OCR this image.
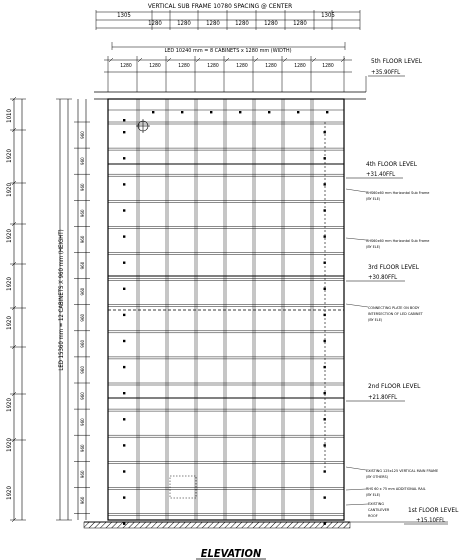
VERTICAL SUB FRAME 10780 SPACING @ CENTER
1305	1305
1280	1280	1280	1280	1280	1280
LED 10240 mm = 8 CABINETS x 1280 mm (WIDTH)
1280	1280	1280	1280	1280	1280	1280	1280
1010
1920
1920
1920
1920
1920
1920
1920
1920
LED 15360 mm = 12 CABINETS X 960 mm (HEIGHT)
960
960
960
960
960
960
960
960
960
960
960
960
960
960
960
5th FLOOR LEVEL
+35.90FFL
4th FLOOR LEVEL
+31.40FFL
3rd FLOOR LEVEL
+30.80FFL
2nd FLOOR LEVEL
+21.80FFL
1st FLOOR LEVEL
+15.10FFL
RHS60x60 mm Horizontal Sub Frame
(BY ELE)
RHS60x60 mm Horizontal Sub Frame
(BY ELE)
CONNECTING PLATE ON BODY
INTERSECTION OF LED CABINET
(BY ELE)
EXISTING 125x125 VERTICAL MAIN FRAME
(BY OTHERS)
RHS 60 x 75 mm ADDITIONAL RAIL
(BY ELE)
EXISTING
CANTILEVER
ROOF
ELEVATION
